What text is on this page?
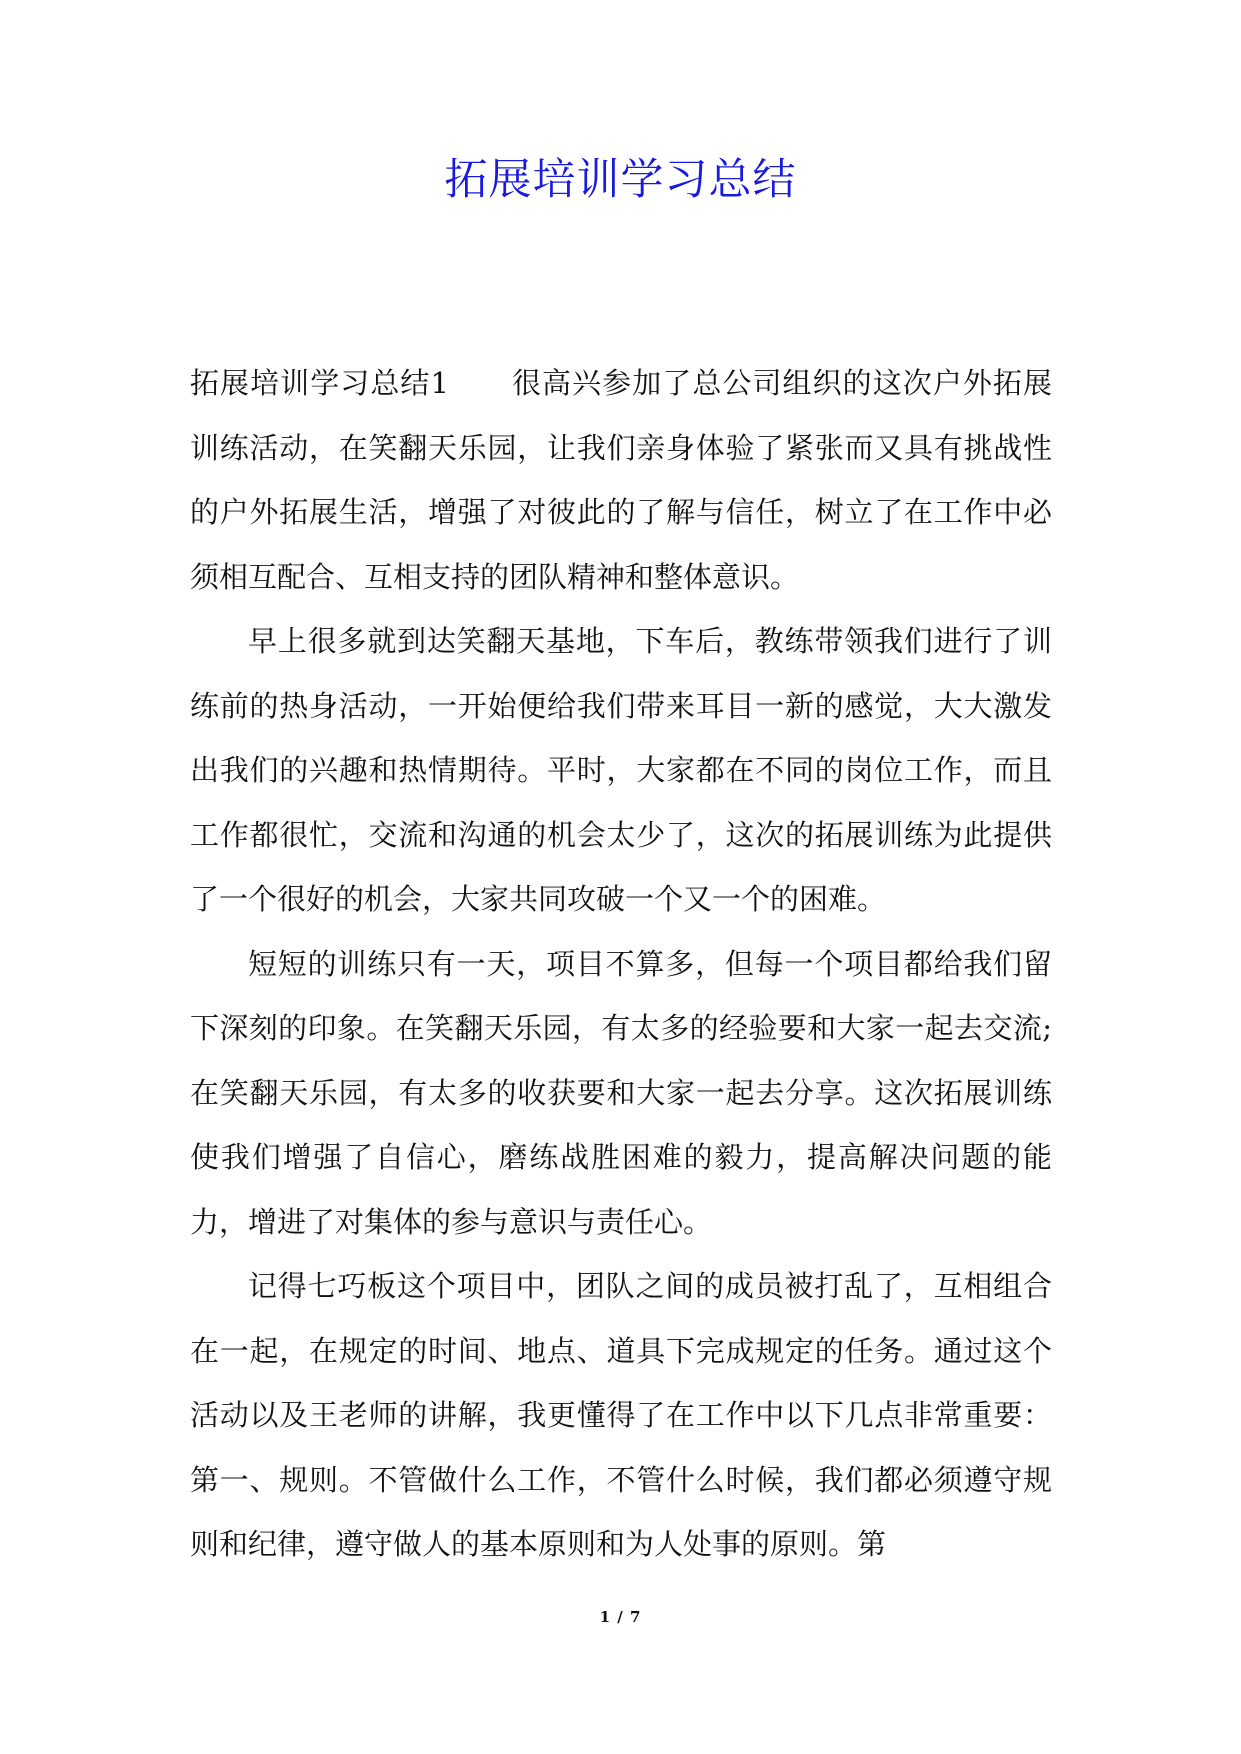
拓展培训学习总结

拓展培训学习总结1 很高兴参加了总公司组织的这次户外拓展训练活动，在笑翻天乐园，让我们亲身体验了紧张而又具有挑战性的户外拓展生活，增强了对彼此的了解与信任，树立了在工作中必须相互配合、互相支持的团队精神和整体意识。

早上很多就到达笑翻天基地，下车后，教练带领我们进行了训练前的热身活动，一开始便给我们带来耳目一新的感觉，大大激发出我们的兴趣和热情期待。平时，大家都在不同的岗位工作，而且工作都很忙，交流和沟通的机会太少了，这次的拓展训练为此提供了一个很好的机会，大家共同攻破一个又一个的困难。

短短的训练只有一天，项目不算多，但每一个项目都给我们留下深刻的印象。在笑翻天乐园，有太多的经验要和大家一起去交流;在笑翻天乐园，有太多的收获要和大家一起去分享。这次拓展训练使我们增强了自信心，磨练战胜困难的毅力，提高解决问题的能力，增进了对集体的参与意识与责任心。

记得七巧板这个项目中，团队之间的成员被打乱了，互相组合在一起，在规定的时间、地点、道具下完成规定的任务。通过这个活动以及王老师的讲解，我更懂得了在工作中以下几点非常重要：第一、规则。不管做什么工作，不管什么时候，我们都必须遵守规则和纪律，遵守做人的基本原则和为人处事的原则。第

1 / 7
